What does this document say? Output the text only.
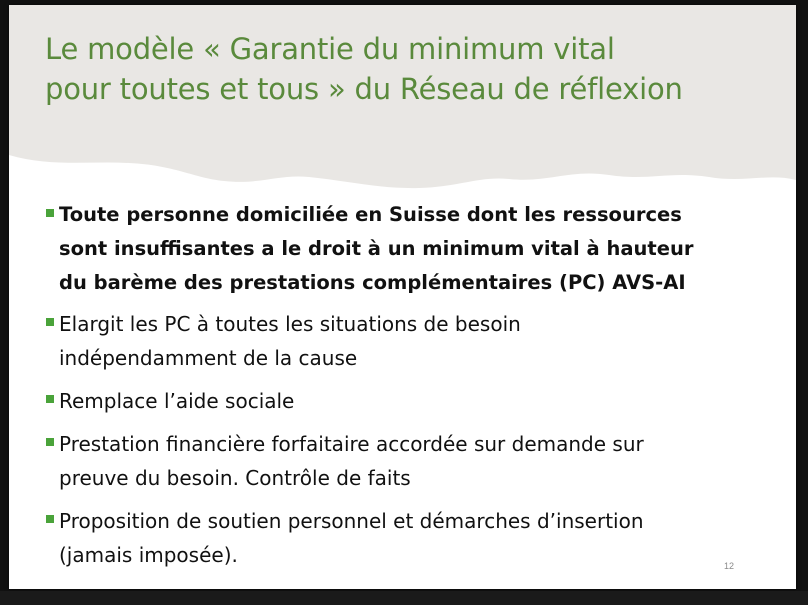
Le modèle « Garantie du minimum vital
pour toutes et tous » du Réseau de réflexion
Toute personne domiciliée en Suisse dont les ressources
sont insuffisantes a le droit à un minimum vital à hauteur
du barème des prestations complémentaires (PC) AVS-AI
Elargit les PC à toutes les situations de besoin
indépendamment de la cause
Remplace l’aide sociale
Prestation financière forfaitaire accordée sur demande sur
preuve du besoin. Contrôle de faits
Proposition de soutien personnel et démarches d’insertion
(jamais imposée).	12
